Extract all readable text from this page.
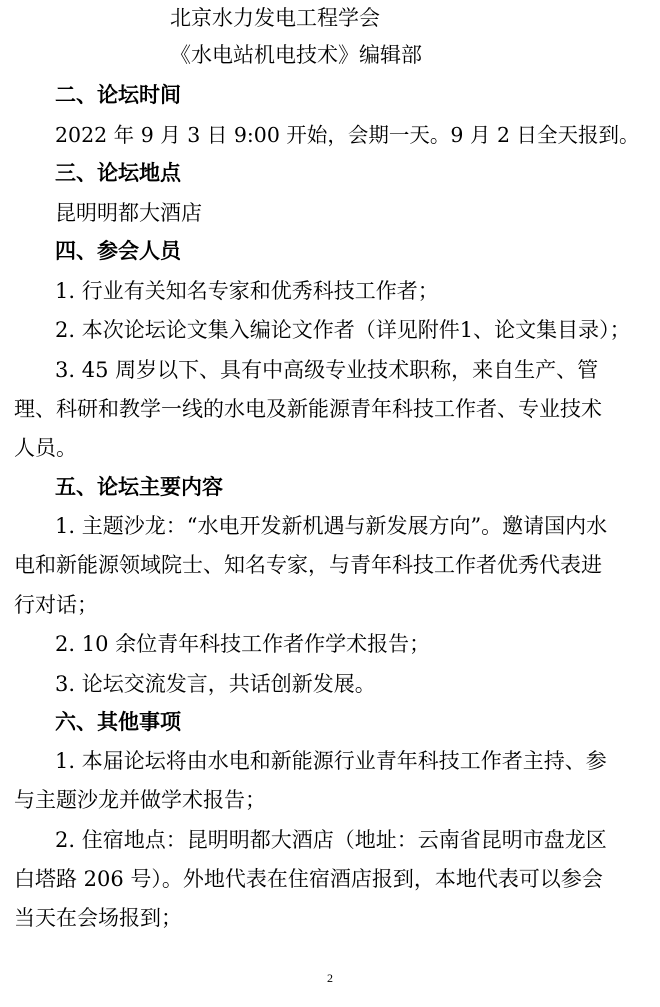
北京水力发电工程学会

《水电站机电技术》编辑部

二、论坛时间

2022 年 9 月 3 日 9:00 开始，会期一天。9 月 2 日全天报到。

三、论坛地点

昆明明都大酒店

四、参会人员

1. 行业有关知名专家和优秀科技工作者；

2. 本次论坛论文集入编论文作者（详见附件1、论文集目录）；

3. 45 周岁以下、具有中高级专业技术职称，来自生产、管

理、科研和教学一线的水电及新能源青年科技工作者、专业技术

人员。

五、论坛主要内容

1. 主题沙龙：“水电开发新机遇与新发展方向”。邀请国内水

电和新能源领域院士、知名专家，与青年科技工作者优秀代表进

行对话；

2. 10 余位青年科技工作者作学术报告；

3. 论坛交流发言，共话创新发展。

六、其他事项

1. 本届论坛将由水电和新能源行业青年科技工作者主持、参

与主题沙龙并做学术报告；

2. 住宿地点：昆明明都大酒店（地址：云南省昆明市盘龙区

白塔路 206 号）。外地代表在住宿酒店报到，本地代表可以参会

当天在会场报到；

2
